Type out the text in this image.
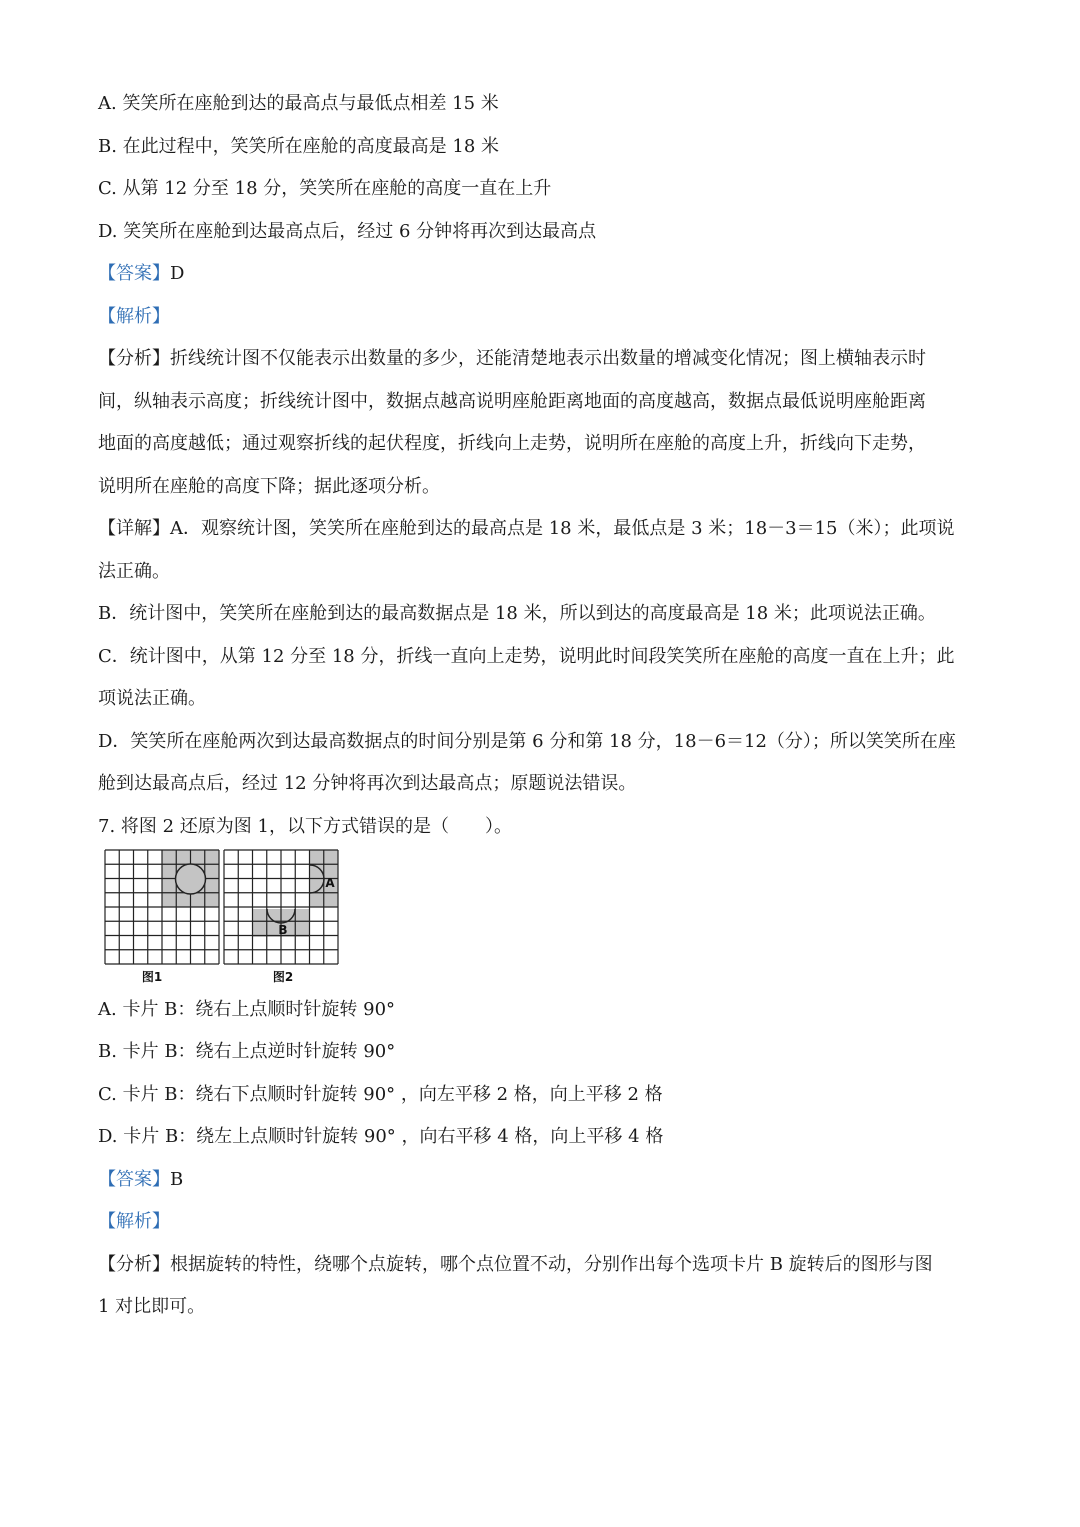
A. 笑笑所在座舱到达的最高点与最低点相差 15 米
B. 在此过程中，笑笑所在座舱的高度最高是 18 米
C. 从第 12 分至 18 分，笑笑所在座舱的高度一直在上升
D. 笑笑所在座舱到达最高点后，经过 6 分钟将再次到达最高点
【答案】D
【解析】
【分析】折线统计图不仅能表示出数量的多少，还能清楚地表示出数量的增减变化情况；图上横轴表示时
间，纵轴表示高度；折线统计图中，数据点越高说明座舱距离地面的高度越高，数据点最低说明座舱距离
地面的高度越低；通过观察折线的起伏程度，折线向上走势，说明所在座舱的高度上升，折线向下走势，
说明所在座舱的高度下降；据此逐项分析。
【详解】A．观察统计图，笑笑所在座舱到达的最高点是 18 米，最低点是 3 米；18－3＝15（米）；此项说
法正确。
B．统计图中，笑笑所在座舱到达的最高数据点是 18 米，所以到达的高度最高是 18 米；此项说法正确。
C．统计图中，从第 12 分至 18 分，折线一直向上走势，说明此时间段笑笑所在座舱的高度一直在上升；此
项说法正确。
D．笑笑所在座舱两次到达最高数据点的时间分别是第 6 分和第 18 分，18－6＝12（分）；所以笑笑所在座
舱到达最高点后，经过 12 分钟将再次到达最高点；原题说法错误。
7. 将图 2 还原为图 1，以下方式错误的是（　　）。
图1
A
B
图2
A. 卡片 B：绕右上点顺时针旋转 90°
B. 卡片 B：绕右上点逆时针旋转 90°
C. 卡片 B：绕右下点顺时针旋转 90° ，向左平移 2 格，向上平移 2 格
D. 卡片 B：绕左上点顺时针旋转 90° ，向右平移 4 格，向上平移 4 格
【答案】B
【解析】
【分析】根据旋转的特性，绕哪个点旋转，哪个点位置不动，分别作出每个选项卡片 B 旋转后的图形与图
1 对比即可。
